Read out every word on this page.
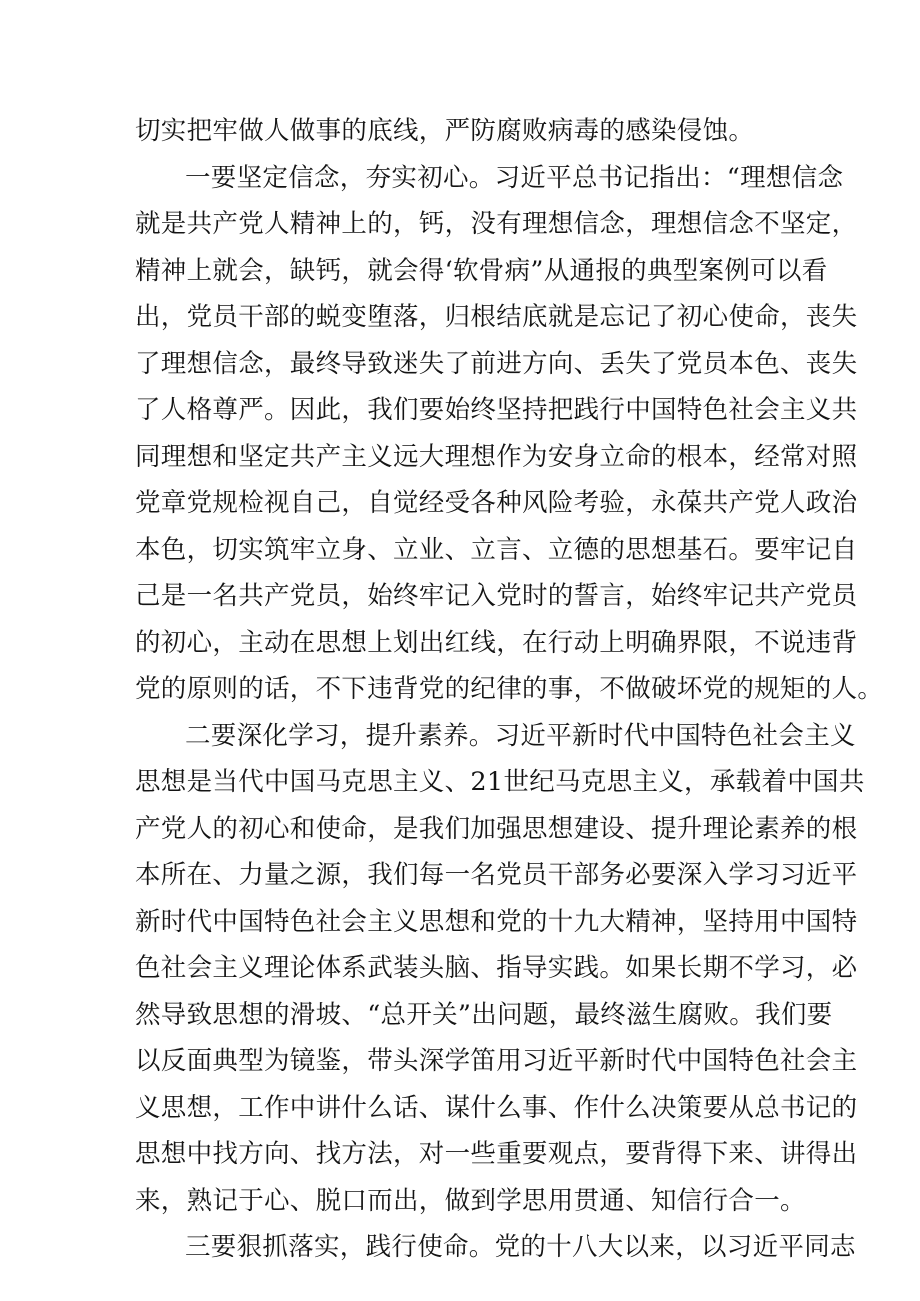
切实把牢做人做事的底线，严防腐败病毒的感染侵蚀。
一要坚定信念，夯实初心。习近平总书记指出：“理想信念
就是共产党人精神上的，钙，没有理想信念，理想信念不坚定，
精神上就会，缺钙，就会得‘软骨病”从通报的典型案例可以看
出，党员干部的蜕变堕落，归根结底就是忘记了初心使命，丧失
了理想信念，最终导致迷失了前进方向、丢失了党员本色、丧失
了人格尊严。因此，我们要始终坚持把践行中国特色社会主义共
同理想和坚定共产主义远大理想作为安身立命的根本，经常对照
党章党规检视自己，自觉经受各种风险考验，永葆共产党人政治
本色，切实筑牢立身、立业、立言、立德的思想基石。要牢记自
己是一名共产党员，始终牢记入党时的誓言，始终牢记共产党员
的初心，主动在思想上划出红线，在行动上明确界限，不说违背
党的原则的话，不下违背党的纪律的事，不做破坏党的规矩的人。
二要深化学习，提升素养。习近平新时代中国特色社会主义
思想是当代中国马克思主义、21世纪马克思主义，承载着中国共
产党人的初心和使命，是我们加强思想建设、提升理论素养的根
本所在、力量之源，我们每一名党员干部务必要深入学习习近平
新时代中国特色社会主义思想和党的十九大精神，坚持用中国特
色社会主义理论体系武装头脑、指导实践。如果长期不学习，必
然导致思想的滑坡、“总开关”出问题，最终滋生腐败。我们要
以反面典型为镜鉴，带头深学笛用习近平新时代中国特色社会主
义思想，工作中讲什么话、谋什么事、作什么决策要从总书记的
思想中找方向、找方法，对一些重要观点，要背得下来、讲得出
来，熟记于心、脱口而出，做到学思用贯通、知信行合一。
三要狠抓落实，践行使命。党的十八大以来，以习近平同志
